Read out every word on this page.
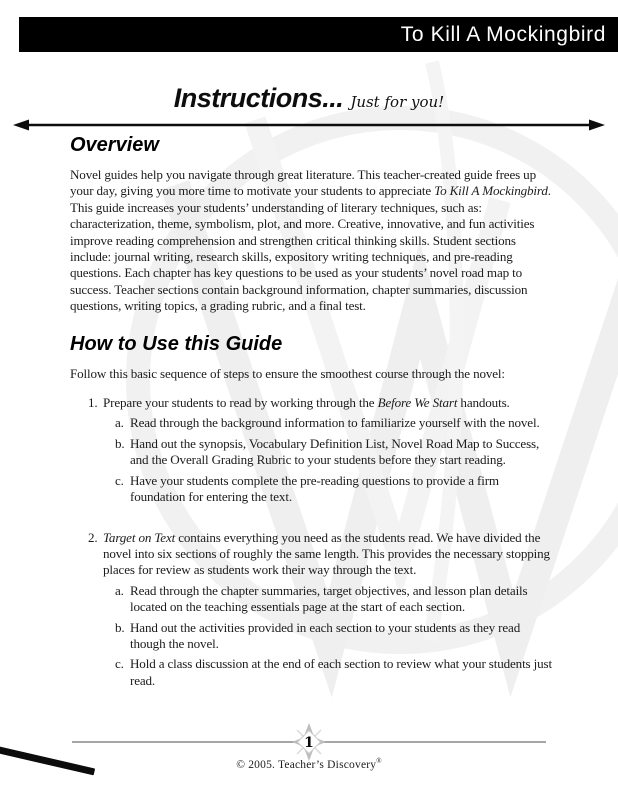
To Kill A Mockingbird
Instructions... Just for you!
Overview

Novel guides help you navigate through great literature. This teacher-created guide frees up your day, giving you more time to motivate your students to appreciate To Kill A Mockingbird. This guide increases your students’ understanding of literary techniques, such as: characterization, theme, symbolism, plot, and more. Creative, innovative, and fun activities improve reading comprehension and strengthen critical thinking skills. Student sections include: journal writing, research skills, expository writing techniques, and pre-reading questions. Each chapter has key questions to be used as your students’ novel road map to success. Teacher sections contain background information, chapter summaries, discussion questions, writing topics, a grading rubric, and a final test.

How to Use this Guide

Follow this basic sequence of steps to ensure the smoothest course through the novel:

1. Prepare your students to read by working through the Before We Start handouts.
a. Read through the background information to familiarize yourself with the novel.
b. Hand out the synopsis, Vocabulary Definition List, Novel Road Map to Success, and the Overall Grading Rubric to your students before they start reading.
c. Have your students complete the pre-reading questions to provide a firm foundation for entering the text.
2. Target on Text contains everything you need as the students read. We have divided the novel into six sections of roughly the same length. This provides the necessary stopping places for review as students work their way through the text.
a. Read through the chapter summaries, target objectives, and lesson plan details located on the teaching essentials page at the start of each section.
b. Hand out the activities provided in each section to your students as they read though the novel.
c. Hold a class discussion at the end of each section to review what your students just read.
1
© 2005. Teacher’s Discovery®
